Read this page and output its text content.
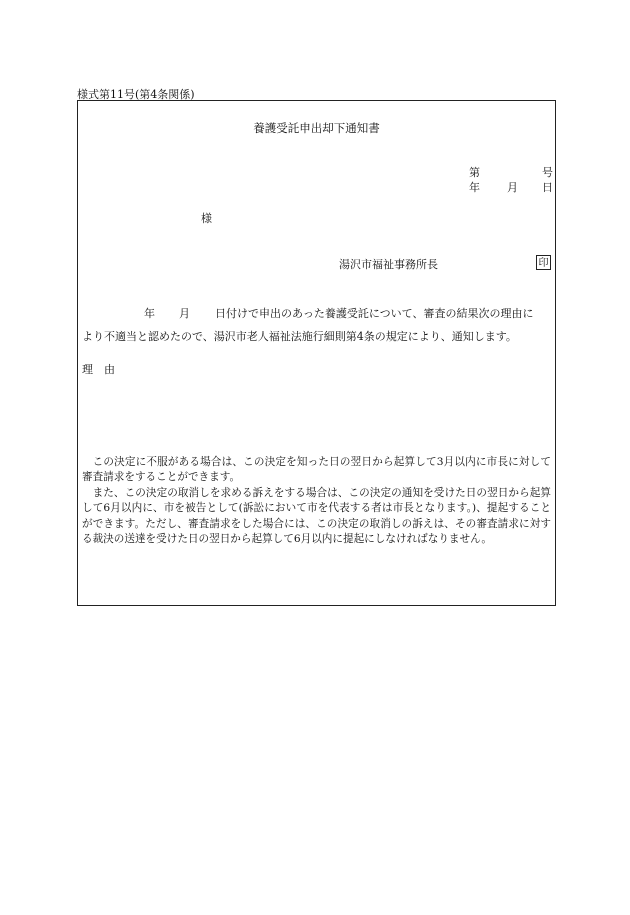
様式第11号(第4条関係)
養護受託申出却下通知書
第	号
年 月 日
様
湯沢市福祉事務所長	印
年 月 日付けで申出のあった養護受託について、審査の結果次の理由に
より不適当と認めたので、湯沢市老人福祉法施行細則第4条の規定により、通知します。
理由

この決定に不服がある場合は、この決定を知った日の翌日から起算して3月以内に市長に対して審査請求をすることができます。

また、この決定の取消しを求める訴えをする場合は、この決定の通知を受けた日の翌日から起算して6月以内に、市を被告として(訴訟において市を代表する者は市長となります。)、提起することができます。ただし、審査請求をした場合には、この決定の取消しの訴えは、その審査請求に対する裁決の送達を受けた日の翌日から起算して6月以内に提起にしなければなりません。
